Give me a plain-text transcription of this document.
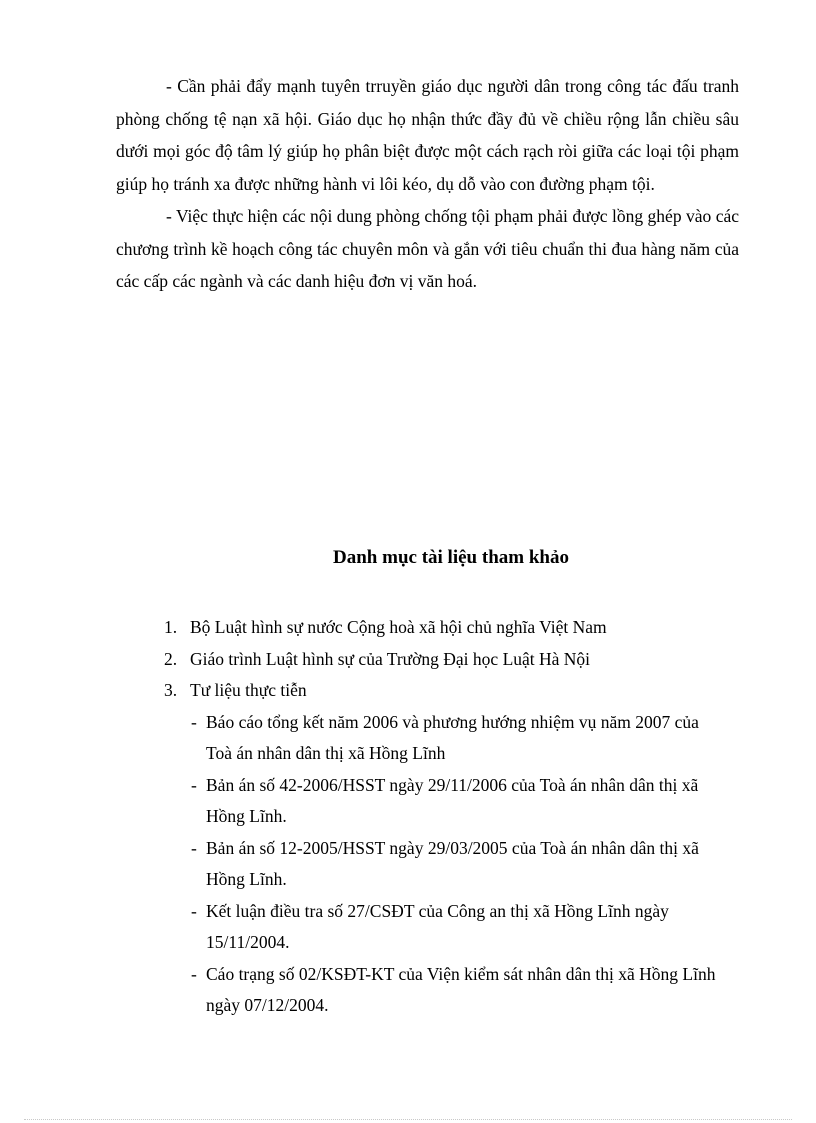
- Cần phải đẩy mạnh tuyên trruyền giáo dục người dân trong công tác đấu tranh phòng chống tệ nạn xã hội. Giáo dục họ nhận thức đầy đủ về chiều rộng lẫn chiều sâu dưới mọi góc độ tâm lý giúp họ phân biệt được một cách rạch ròi giữa các loại tội phạm giúp họ tránh xa được những hành vi lôi kéo, dụ dỗ vào con đường phạm tội.

- Việc thực hiện các nội dung phòng chống tội phạm phải được lồng ghép vào các chương trình kề hoạch công tác chuyên môn và gắn với tiêu chuẩn thi đua hàng năm của các cấp các ngành và các danh hiệu đơn vị văn hoá.

Danh mục tài liệu tham khảo
1. Bộ Luật hình sự nước Cộng hoà xã hội chủ nghĩa Việt Nam
2. Giáo trình Luật hình sự của Trường Đại học Luật Hà Nội
3. Tư liệu thực tiễn
- Báo cáo tổng kết năm 2006 và phương hướng nhiệm vụ năm 2007 của Toà án nhân dân thị xã Hồng Lĩnh
- Bản án số 42-2006/HSST ngày 29/11/2006 của Toà án nhân dân thị xã Hồng Lĩnh.
- Bản án số 12-2005/HSST ngày 29/03/2005 của Toà án nhân dân thị xã Hồng Lĩnh.
- Kết luận điều tra số 27/CSĐT của Công an thị xã Hồng Lĩnh ngày 15/11/2004.
- Cáo trạng số 02/KSĐT-KT của Viện kiểm sát nhân dân thị xã Hồng Lĩnh ngày 07/12/2004.
